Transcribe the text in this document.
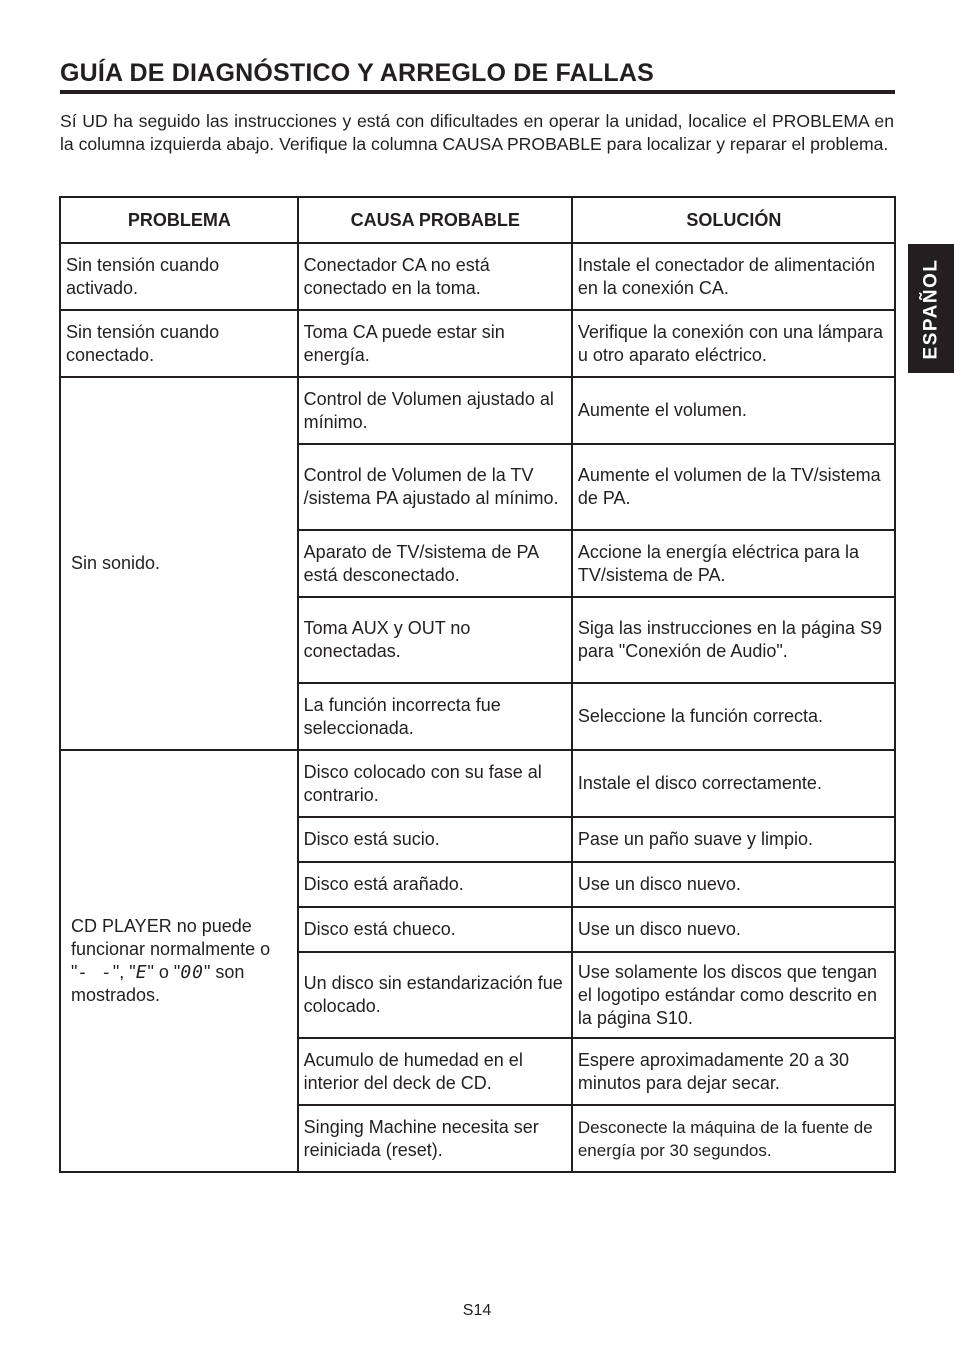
GUÍA DE DIAGNÓSTICO Y ARREGLO DE FALLAS
Sí UD ha seguido las instrucciones y está con dificultades en operar la unidad, localice el PROBLEMA en la columna izquierda abajo. Verifique la columna CAUSA PROBABLE para localizar y reparar el problema.
ESPAÑOL
PROBLEMA	CAUSA PROBABLE	SOLUCIÓN
Sin tensión cuando activado.	Conectador CA no está conectado en la toma.	Instale el conectador de alimentación en la conexión CA.
Sin tensión cuando conectado.	Toma CA puede estar sin energía.	Verifique la conexión con una lámpara u otro aparato eléctrico.
Sin sonido.	Control de Volumen ajustado al mínimo.	Aumente el volumen.
	Control de Volumen de la TV /sistema PA ajustado al mínimo.	Aumente el volumen de la TV/sistema de PA.
	Aparato de TV/sistema de PA está desconectado.	Accione la energía eléctrica para la TV/sistema de PA.
	Toma AUX y OUT no conectadas.	Siga las instrucciones en la página S9 para "Conexión de Audio".
	La función incorrecta fue seleccionada.	Seleccione la función correcta.
CD PLAYER no puede funcionar normalmente o "- -", "E" o "00" son mostrados.	Disco colocado con su fase al contrario.	Instale el disco correctamente.
	Disco está sucio.	Pase un paño suave y limpio.
	Disco está arañado.	Use un disco nuevo.
	Disco está chueco.	Use un disco nuevo.
	Un disco sin estandarización fue colocado.	Use solamente los discos que tengan el logotipo estándar como descrito en la página S10.
	Acumulo de humedad en el interior del deck de CD.	Espere aproximadamente 20 a 30 minutos para dejar secar.
	Singing Machine necesita ser reiniciada (reset).	Desconecte la máquina de la fuente de energía por 30 segundos.
S14
